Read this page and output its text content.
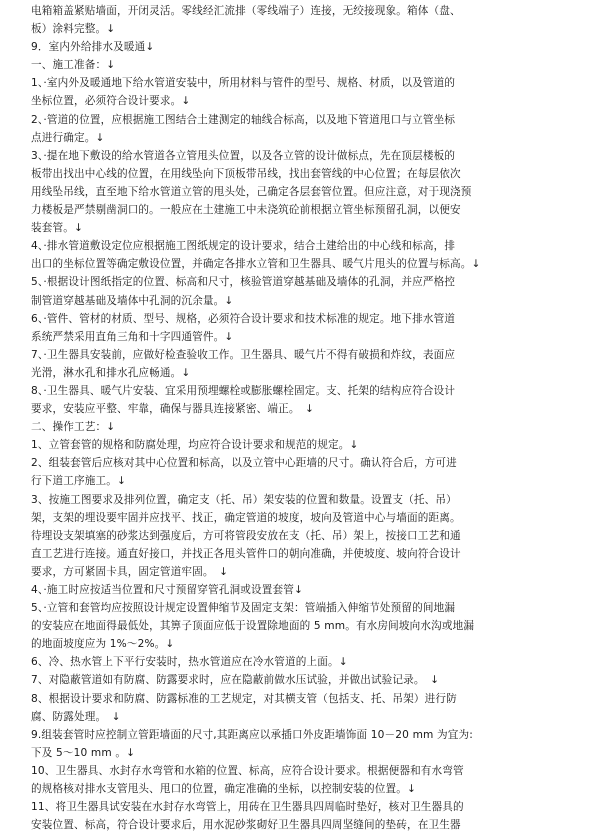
电箱箱盖紧贴墙面，开闭灵活。零线经汇流排（零线端子）连接，无绞接现象。箱体（盘、
板）涂料完整。↓
9．室内外给排水及暖通↓
一、施工准备：↓
1、·室内外及暖通地下给水管道安装中，所用材料与管件的型号、规格、材质，以及管道的
坐标位置，必须符合设计要求。↓
2、·管道的位置，应根据施工图结合土建测定的轴线合标高，以及地下管道甩口与立管坐标
点进行确定。↓
3、·提在地下敷设的给水管道各立管甩头位置，以及各立管的设计做标点，先在顶层楼板的
板带出找出中心线的位置，在用线坠向下顶板带吊线，找出套管线的中心位置；在每层依次
用线坠吊线，直至地下给水管道立管的甩头处，己确定各层套管位置。但应注意，对于现浇预
力楼板是严禁剔凿洞口的。一般应在土建施工中未浇筑砼前根据立管坐标预留孔洞，以便安
装套管。↓
4、·排水管道敷设定位应根据施工图纸规定的设计要求，结合土建给出的中心线和标高，排
出口的坐标位置等确定敷设位置，并确定各排水立管和卫生器具、暖气片甩头的位置与标高。↓
5、·根据设计图纸指定的位置、标高和尺寸，核验管道穿越基础及墙体的孔洞，并应严格控
制管道穿越基础及墙体中孔洞的沉余量。↓
6、·管件、管材的材质、型号、规格，必须符合设计要求和技术标准的规定。地下排水管道
系统严禁采用直角三角和十字四通管件。↓
7、·卫生器具安装前，应做好检查验收工作。卫生器具、暖气片不得有破损和炸纹，表面应
光滑，淋水孔和排水孔应畅通。↓
8、·卫生器具、暖气片安装、宜采用预埋螺栓或膨胀螺栓固定。支、托架的结构应符合设计
要求，安装应平整、牢靠，确保与器具连接紧密、端正。　↓
二、操作工艺：↓
1、立管套管的规格和防腐处理，均应符合设计要求和规范的规定。↓
2、组装套管后应核对其中心位置和标高，以及立管中心距墙的尺寸。确认符合后，方可进
行下道工序施工。↓
3、按施工图要求及排列位置，确定支（托、吊）架安装的位置和数量。设置支（托、吊）
架，支架的埋设要牢固并应找平、找正，确定管道的坡度，坡向及管道中心与墙面的距离。
待埋设支架填塞的砂浆达到强度后，方可将管段安放在支（托、吊）架上，按接口工艺和通
直工艺进行连接。通直好接口，并找正各甩头管件口的朝向准确，并使坡度、坡向符合设计
要求，方可紧固卡具，固定管道牢固。　↓
4、·施工时应按适当位置和尺寸预留穿管孔洞或设置套管↓
5、·立管和套管均应按照设计规定设置伸缩节及固定支架：管端插入伸缩节处预留的间地漏
的安装应在地面得最低处，其箅子顶面应低于设置除地面的 5 mm。有水房间坡向水沟或地漏
的地面坡度应为 1%～2%。↓
6、冷、热水管上下平行安装时，热水管道应在冷水管道的上面。↓
7、对隐蔽管道如有防腐、防露要求时，应在隐蔽前做水压试验，并做出试验记录。　↓
8、根据设计要求和防腐、防露标准的工艺规定，对其横支管（包括支、托、吊架）进行防
腐、防露处理。　↓
9.组装套管时应控制立管距墙面的尺寸,其距离应以承插口外皮距墙饰面 10－20 mm 为宜为:
下及 5～10 mm 。↓
10、卫生器具、水封存水弯管和水箱的位置、标高，应符合设计要求。根据便器和有水弯管
的规格核对排水支管甩头、甩口的位置，确定准确的坐标，以控制安装的位置。↓
11、将卫生器具试安装在水封存水弯管上，用砖在卫生器具四周临时垫好，核对卫生器具的
安装位置、标高，符合设计要求后，用水泥砂浆砌好卫生器具四周坚缝间的垫砖，在卫生器
